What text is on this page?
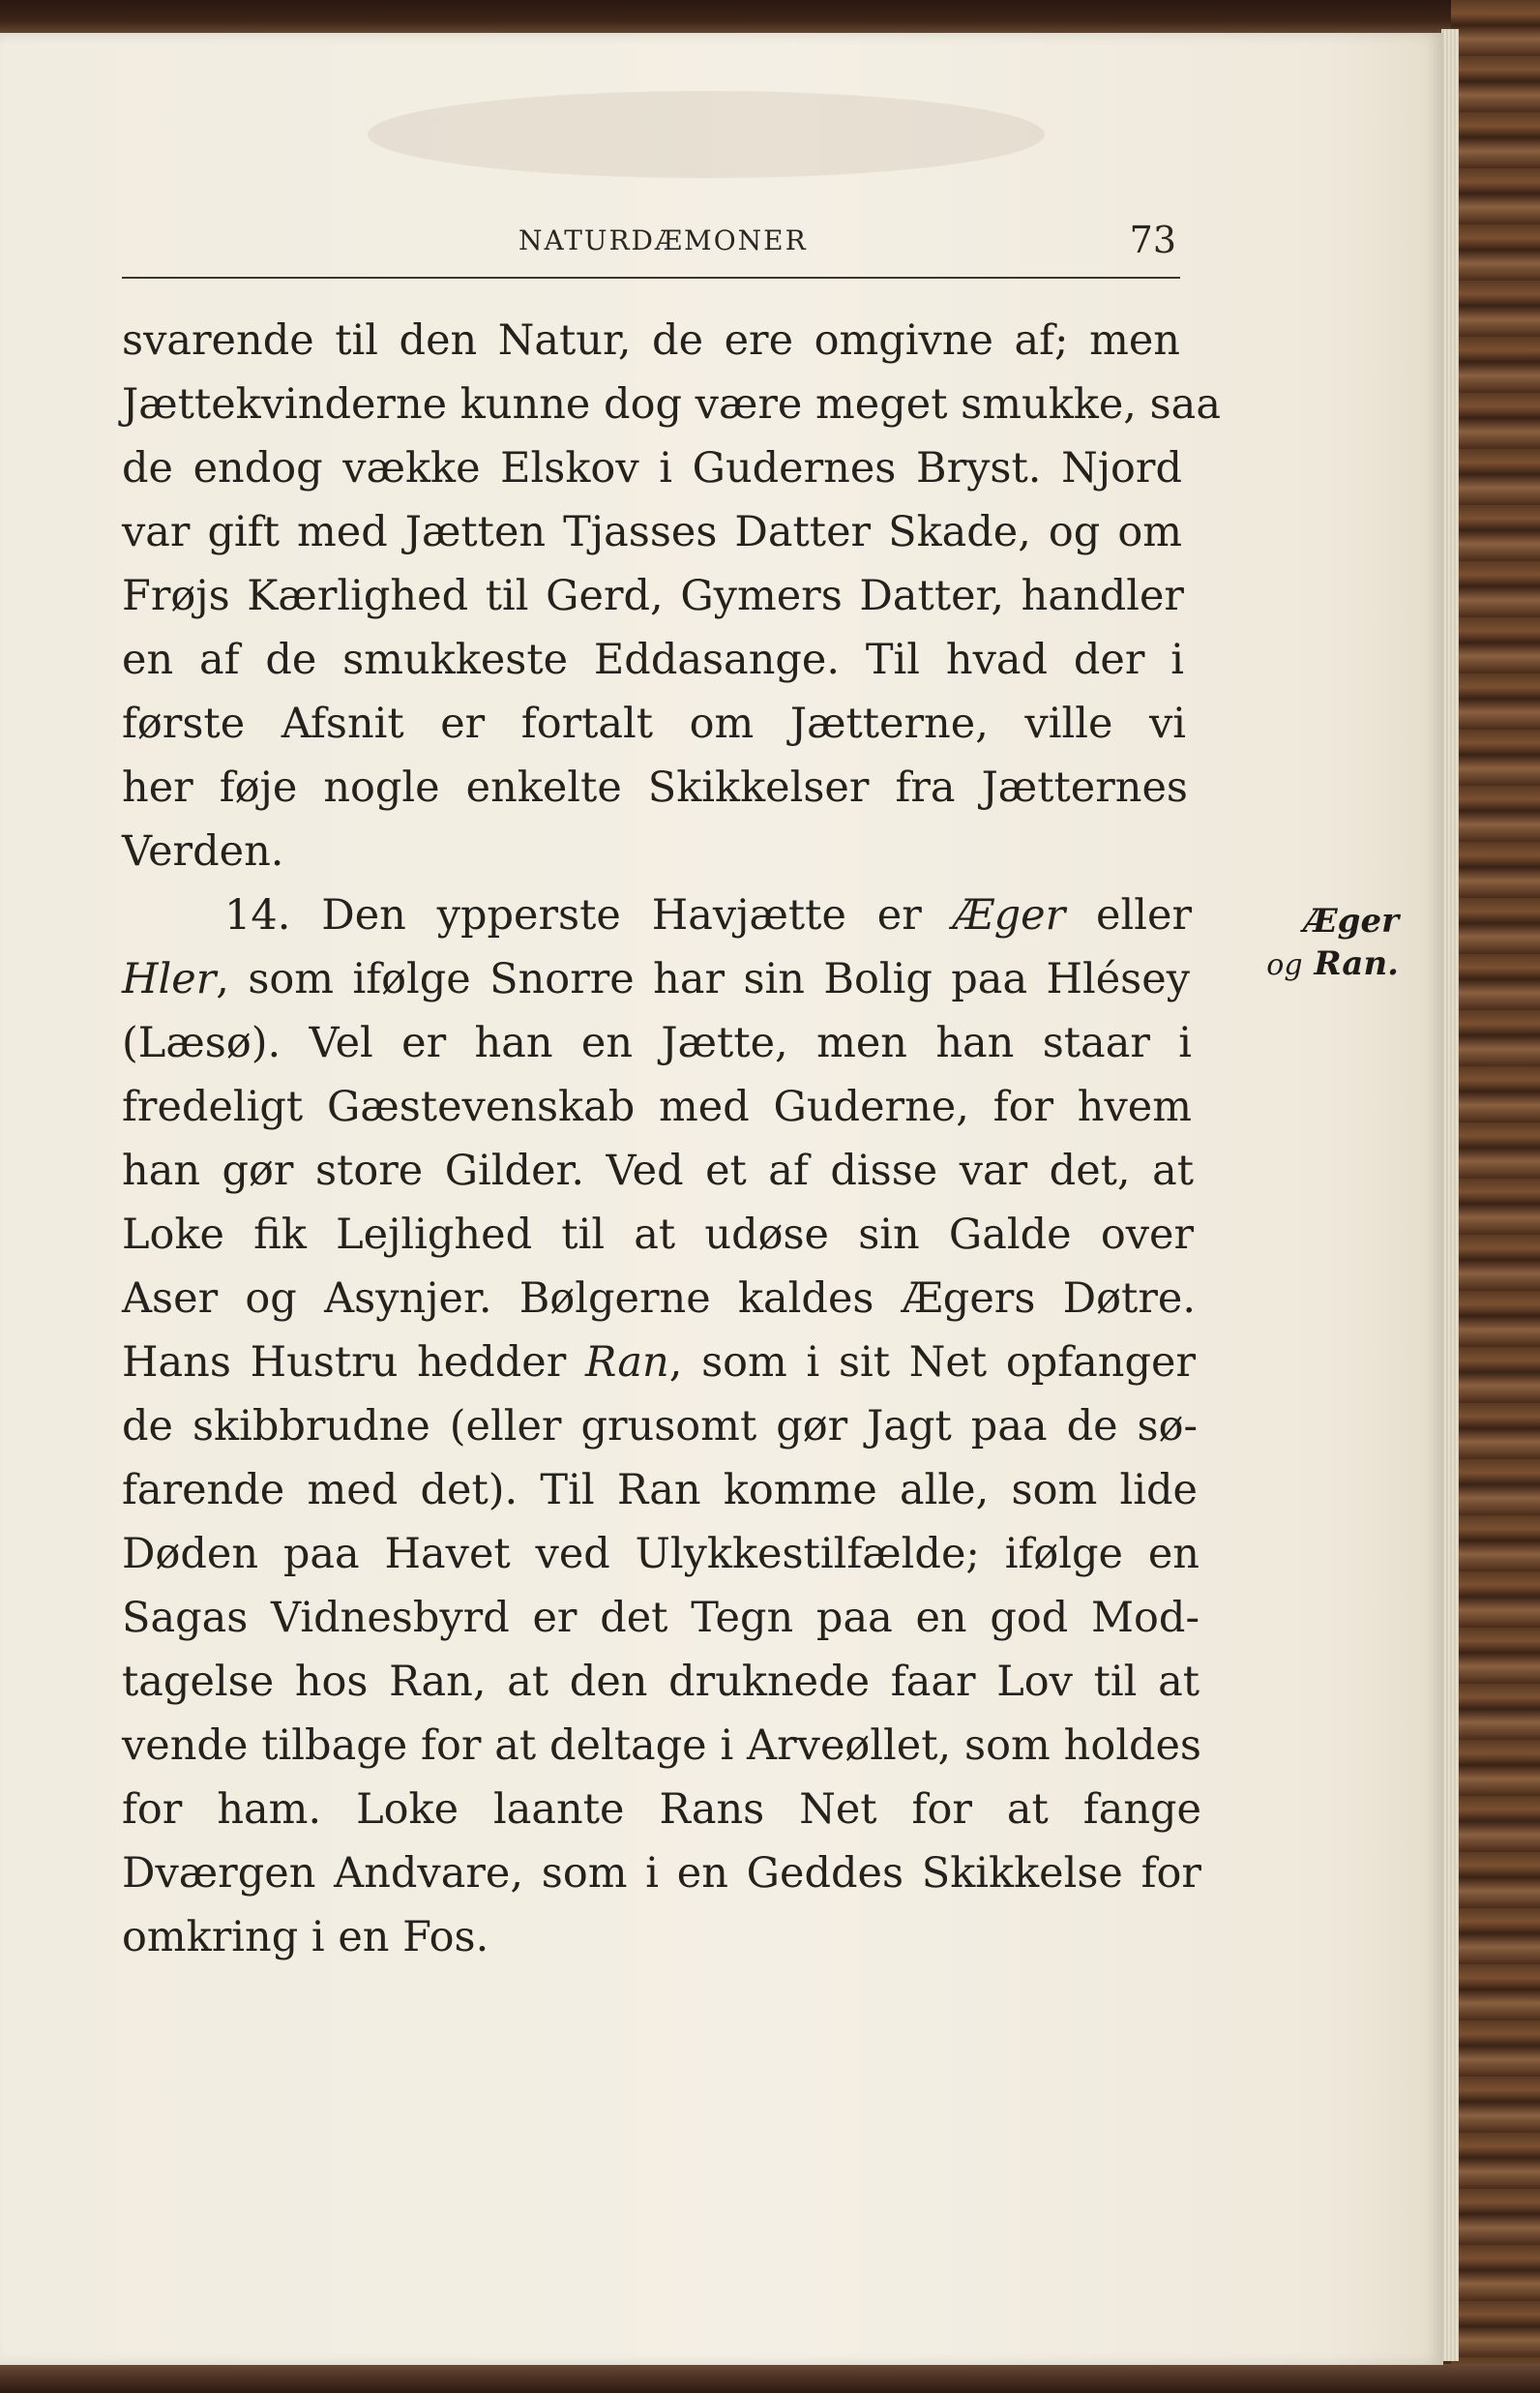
NATURDÆMONER	73
svarende til den Natur, de ere omgivne af; men
Jættekvinderne kunne dog være meget smukke, saa
de endog vække Elskov i Gudernes Bryst. Njord
var gift med Jætten Tjasses Datter Skade, og om
Frøjs Kærlighed til Gerd, Gymers Datter, handler
en af de smukkeste Eddasange. Til hvad der i
første Afsnit er fortalt om Jætterne, ville vi
her føje nogle enkelte Skikkelser fra Jætternes
Verden.
14. Den ypperste Havjætte er Æger eller
Hler, som ifølge Snorre har sin Bolig paa Hlésey
(Læsø). Vel er han en Jætte, men han staar i
fredeligt Gæstevenskab med Guderne, for hvem
han gør store Gilder. Ved et af disse var det, at
Loke fik Lejlighed til at udøse sin Galde over
Aser og Asynjer. Bølgerne kaldes Ægers Døtre.
Hans Hustru hedder Ran, som i sit Net opfanger
de skibbrudne (eller grusomt gør Jagt paa de sø-
farende med det). Til Ran komme alle, som lide
Døden paa Havet ved Ulykkestilfælde; ifølge en
Sagas Vidnesbyrd er det Tegn paa en god Mod-
tagelse hos Ran, at den druknede faar Lov til at
vende tilbage for at deltage i Arveøllet, som holdes
for ham. Loke laante Rans Net for at fange
Dværgen Andvare, som i en Geddes Skikkelse for
omkring i en Fos.
Æger
og Ran.
